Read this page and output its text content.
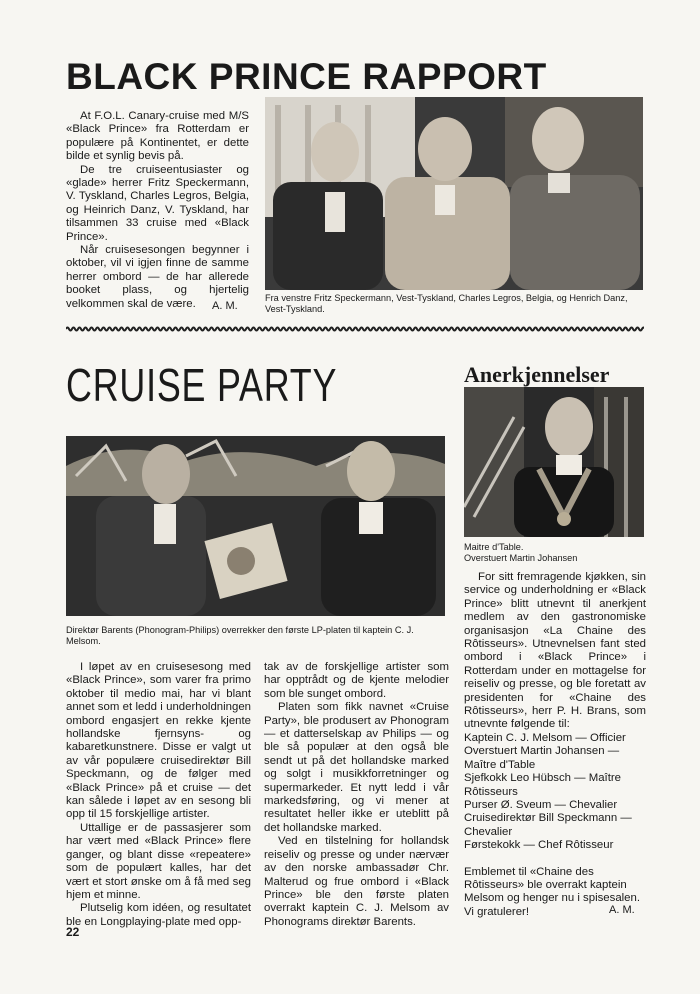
BLACK PRINCE RAPPORT

At F.O.L. Canary-cruise med M/S «Black Prince» fra Rotterdam er populære på Kontinentet, er dette bilde et synlig bevis på.

De tre cruiseentusiaster og «glade» herrer Fritz Speckermann, V. Tyskland, Charles Legros, Belgia, og Heinrich Danz, V. Tyskland, har tilsammen 33 cruise med «Black Prince».

Når cruisesesongen begynner i oktober, vil vi igjen finne de samme herrer ombord — de har allerede booket plass, og hjertelig velkommen skal de være.	A. M.
Fra venstre Fritz Speckermann, Vest-Tyskland, Charles Legros, Belgia, og Henrich Danz, Vest-Tyskland.
CRUISE PARTY
Direktør Barents (Phonogram-Philips) overrekker den første LP-platen til kaptein C. J. Melsom.

I løpet av en cruisesesong med «Black Prince», som varer fra primo oktober til medio mai, har vi blant annet som et ledd i underholdningen ombord engasjert en rekke kjente hollandske fjernsyns- og kabaretkunstnere. Disse er valgt ut av vår populære cruisedirektør Bill Speckmann, og de følger med «Black Prince» på et cruise — det kan sålede i løpet av en sesong bli opp til 15 forskjellige artister.

Uttallige er de passasjerer som har vært med «Black Prince» flere ganger, og blant disse «repeatere» som de populært kalles, har det vært et stort ønske om å få med seg hjem et minne.

Plutselig kom idéen, og resultatet ble en Longplaying-plate med opp-

tak av de forskjellige artister som har opptrådt og de kjente melodier som ble sunget ombord.

Platen som fikk navnet «Cruise Party», ble produsert av Phonogram — et datterselskap av Philips — og ble så populær at den også ble sendt ut på det hollandske marked og solgt i musikkforretninger og supermarkeder. Et nytt ledd i vår markedsføring, og vi mener at resultatet heller ikke er uteblitt på det hollandske marked.

Ved en tilstelning for hollandsk reiseliv og presse og under nærvær av den norske ambassadør Chr. Malterud og frue ombord i «Black Prince» ble den første platen overrakt kaptein C. J. Melsom av Phonograms direktør Barents.

Anerkjennelser
Maitre d'Table.
Overstuert Martin Johansen

For sitt fremragende kjøkken, sin service og underholdning er «Black Prince» blitt utnevnt til anerkjent medlem av den gastronomiske organisasjon «La Chaine des Rôtisseurs». Utnevnelsen fant sted ombord i «Black Prince» i Rotterdam under en mottagelse for reiseliv og presse, og ble foretatt av presidenten for «Chaine des Rôtisseurs», herr P. H. Brans, som utnevnte følgende til:

Kaptein C. J. Melsom — Officier
Overstuert Martin Johansen — Maître d'Table
Sjefkokk Leo Hübsch — Maître Rôtisseurs
Purser Ø. Sveum — Chevalier
Cruisedirektør Bill Speckmann — Chevalier
Førstekokk — Chef Rôtisseur

Emblemet til «Chaine des Rôtisseurs» ble overrakt kaptein Melsom og henger nu i spisesalen.

Vi gratulerer!	A. M.
22
